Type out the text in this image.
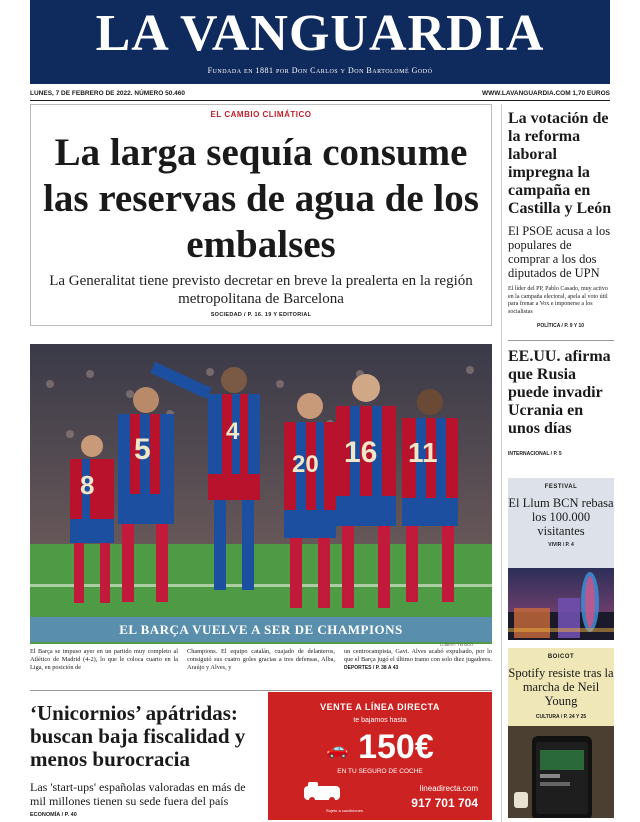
LA VANGUARDIA
Fundada en 1881 por Don Carlos y Don Bartolomé Godó
LUNES, 7 DE FEBRERO DE 2022. NÚMERO 50.460	WWW.LAVANGUARDIA.COM 1,70 EUROS
EL CAMBIO CLIMÁTICO
La larga sequía consume las reservas de agua de los embalses
La Generalitat tiene previsto decretar en breve la prealerta en la región metropolitana de Barcelona
SOCIEDAD / P. 16. 19 Y EDITORIAL
La votación de la reforma laboral impregna la campaña en Castilla y León
El PSOE acusa a los populares de comprar a los dos diputados de UPN
El líder del PP, Pablo Casado, muy activo en la campaña electoral, apela al voto útil para frenar a Vox e imponerse a los socialistas
POLÍTICA / P. 9 Y 10
EE.UU. afirma que Rusia puede invadir Ucrania en unos días
INTERNACIONAL / P. 5
FESTIVAL
El Llum BCN rebasa los 100.000 visitantes
VIVIR / P. 4
BOICOT
Spotify resiste tras la marcha de Neil Young
CULTURA / P. 24 Y 25
8
5
4
20 16 11
EL BARÇA VUELVE A SER DE CHAMPIONS
LLIBERT TEIXIDÓ
El Barça se impuso ayer en un partido muy completo al Atlético de Madrid (4-2), lo que le coloca cuarto en la Liga, en posición de
Champions. El equipo catalán, cuajado de delanteros, consiguió sus cuatro goles gracias a tres defensas, Alba, Araújo y Alves, y
un centrocampista, Gavi. Alves acabó expulsado, por lo que el Barça jugó el último tramo con solo diez jugadores. DEPORTES / P. 38 A 43
‘Unicornios’ apátridas: buscan baja fiscalidad y menos burocracia
Las 'start-ups' españolas valoradas en más de mil millones tienen su sede fuera del país
ECONOMÍA / P. 40
VENTE A LÍNEA DIRECTA
te bajamos hasta
🚗 150€
EN TU SEGURO DE COCHE
lineadirecta.com
917 701 704
Sujeto a condiciones
